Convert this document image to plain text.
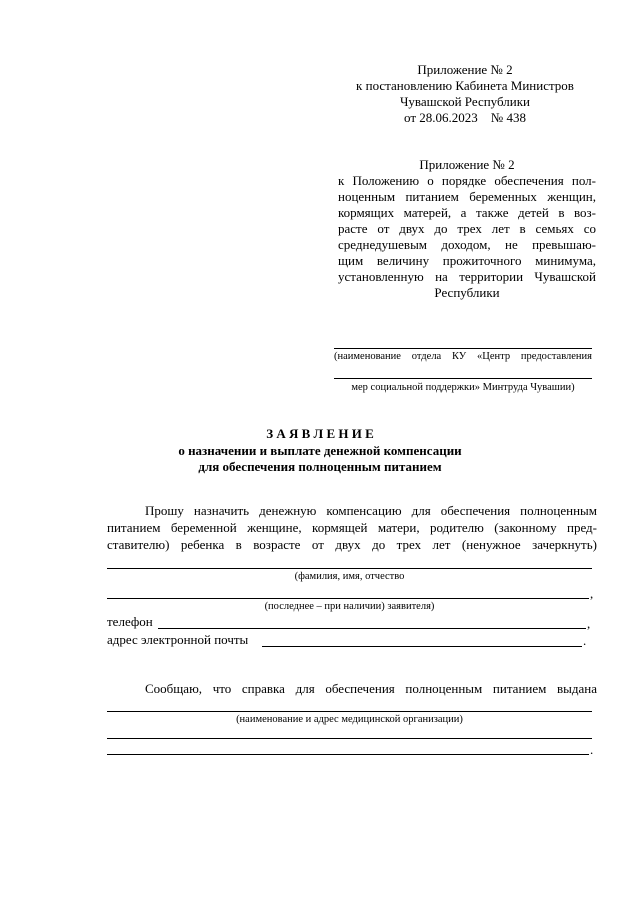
Приложение № 2
к постановлению Кабинета Министров
Чувашской Республики
от 28.06.2023    № 438
Приложение № 2
к Положению о порядке обеспечения пол-
ноценным питанием беременных женщин,
кормящих матерей, а также детей в воз-
расте от двух до трех лет в семьях со
среднедушевым доходом, не превышаю-
щим величину прожиточного минимума,
установленную на территории Чувашской
Республики
(наименование отдела КУ «Центр предоставления
мер социальной поддержки» Минтруда Чувашии)
З А Я В Л Е Н И Е
о назначении и выплате денежной компенсации
для обеспечения полноценным питанием
Прошу назначить денежную компенсацию для обеспечения полноценным
питанием беременной женщине, кормящей матери, родителю (законному пред-
ставителю) ребенка в возрасте от двух до трех лет (ненужное зачеркнуть)
(фамилия, имя, отчество
,
(последнее – при наличии) заявителя)
телефон	,
адрес электронной почты	.
Сообщаю, что справка для обеспечения полноценным питанием выдана
(наименование и адрес медицинской организации)
.
